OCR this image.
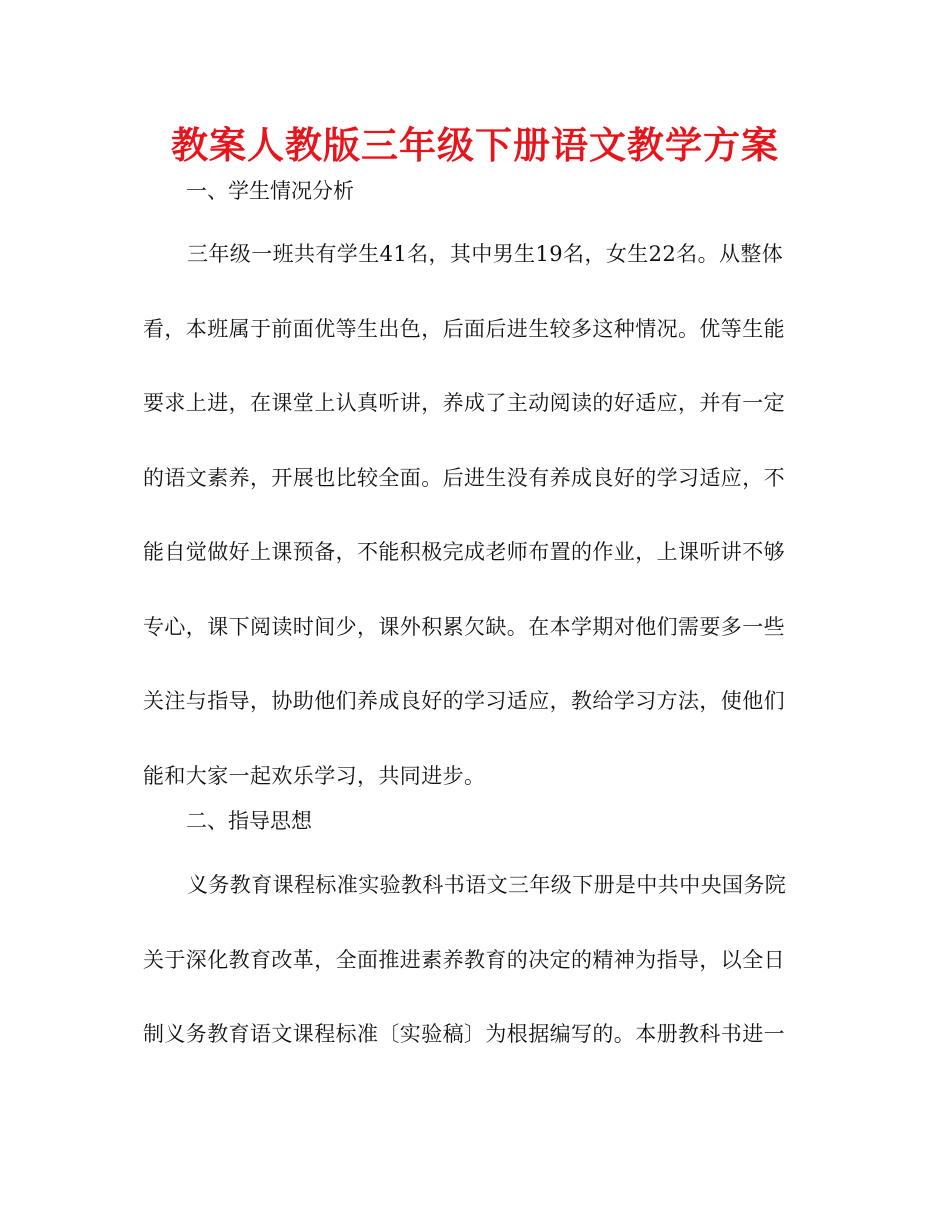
教案人教版三年级下册语文教学方案

一、学生情况分析

三年级一班共有学生41名，其中男生19名，女生22名。从整体看，本班属于前面优等生出色，后面后进生较多这种情况。优等生能要求上进，在课堂上认真听讲，养成了主动阅读的好适应，并有一定的语文素养，开展也比较全面。后进生没有养成良好的学习适应，不能自觉做好上课预备，不能积极完成老师布置的作业，上课听讲不够专心，课下阅读时间少，课外积累欠缺。在本学期对他们需要多一些关注与指导，协助他们养成良好的学习适应，教给学习方法，使他们能和大家一起欢乐学习，共同进步。

二、指导思想

义务教育课程标准实验教科书语文三年级下册是中共中央国务院关于深化教育改革，全面推进素养教育的决定的精神为指导，以全日制义务教育语文课程标准〔实验稿〕为根据编写的。本册教科书进一
